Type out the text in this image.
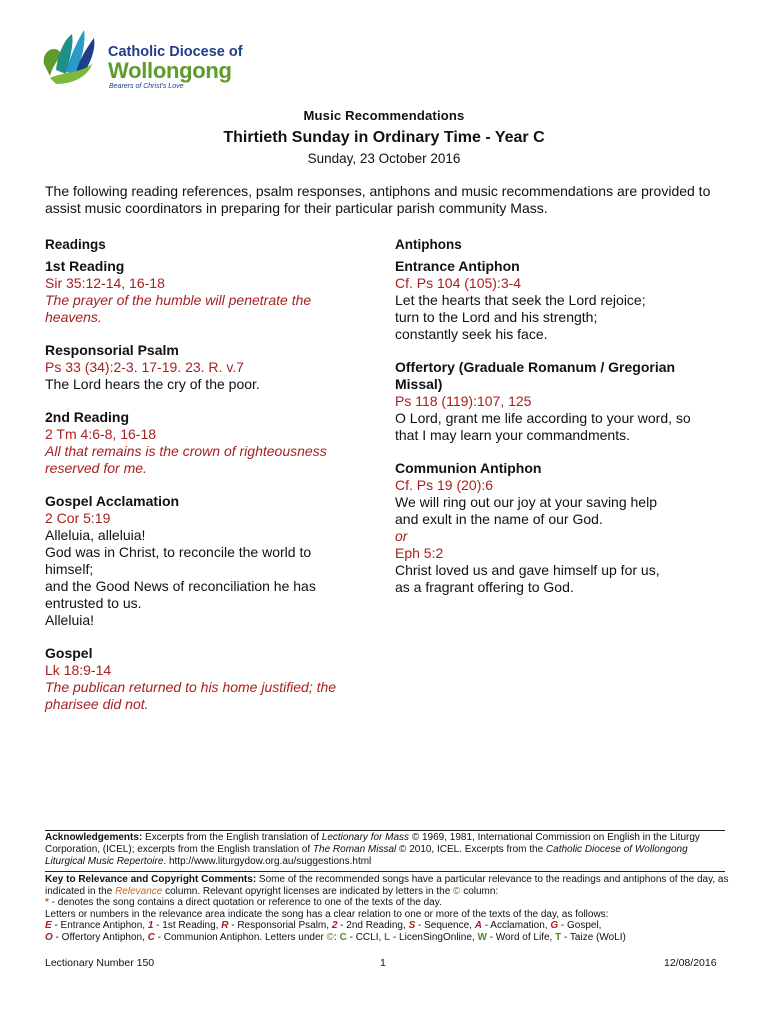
Catholic Diocese of
Wollongong
Bearers of Christ's Love
Music Recommendations
Thirtieth Sunday in Ordinary Time - Year C
Sunday, 23 October 2016
The following reading references, psalm responses, antiphons and music recommendations are provided to assist music coordinators in preparing for their particular parish community Mass.
Readings
1st Reading
Sir 35:12-14, 16-18
The prayer of the humble will penetrate the
heavens.
Responsorial Psalm
Ps 33 (34):2-3. 17-19. 23. R. v.7
The Lord hears the cry of the poor.
2nd Reading
2 Tm 4:6-8, 16-18
All that remains is the crown of righteousness
reserved for me.
Gospel Acclamation
2 Cor 5:19
Alleluia, alleluia!
God was in Christ, to reconcile the world to
himself;
and the Good News of reconciliation he has
entrusted to us.
Alleluia!
Gospel
Lk 18:9-14
The publican returned to his home justified; the
pharisee did not.
Antiphons
Entrance Antiphon
Cf. Ps 104 (105):3-4
Let the hearts that seek the Lord rejoice;
turn to the Lord and his strength;
constantly seek his face.
Offertory (Graduale Romanum / Gregorian
Missal)
Ps 118 (119):107, 125
O Lord, grant me life according to your word, so
that I may learn your commandments.
Communion Antiphon
Cf. Ps 19 (20):6
We will ring out our joy at your saving help
and exult in the name of our God.
or
Eph 5:2
Christ loved us and gave himself up for us,
as a fragrant offering to God.
Acknowledgements: Excerpts from the English translation of Lectionary for Mass © 1969, 1981, International Commission on English in the Liturgy Corporation, (ICEL); excerpts from the English translation of The Roman Missal © 2010, ICEL. Excerpts from the Catholic Diocese of Wollongong Liturgical Music Repertoire. http://www.liturgydow.org.au/suggestions.html
Key to Relevance and Copyright Comments: Some of the recommended songs have a particular relevance to the readings and antiphons of the day, as indicated in the Relevance column. Relevant opyright licenses are indicated by letters in the © column:
* - denotes the song contains a direct quotation or reference to one of the texts of the day.
Letters or numbers in the relevance area indicate the song has a clear relation to one or more of the texts of the day, as follows:
E - Entrance Antiphon, 1 - 1st Reading, R - Responsorial Psalm, 2 - 2nd Reading, S - Sequence, A - Acclamation, G - Gospel,
O - Offertory Antiphon, C - Communion Antiphon. Letters under ©: C - CCLI, L - LicenSingOnline, W - Word of Life, T - Taize (WoLI)
Lectionary Number 150	1	12/08/2016
